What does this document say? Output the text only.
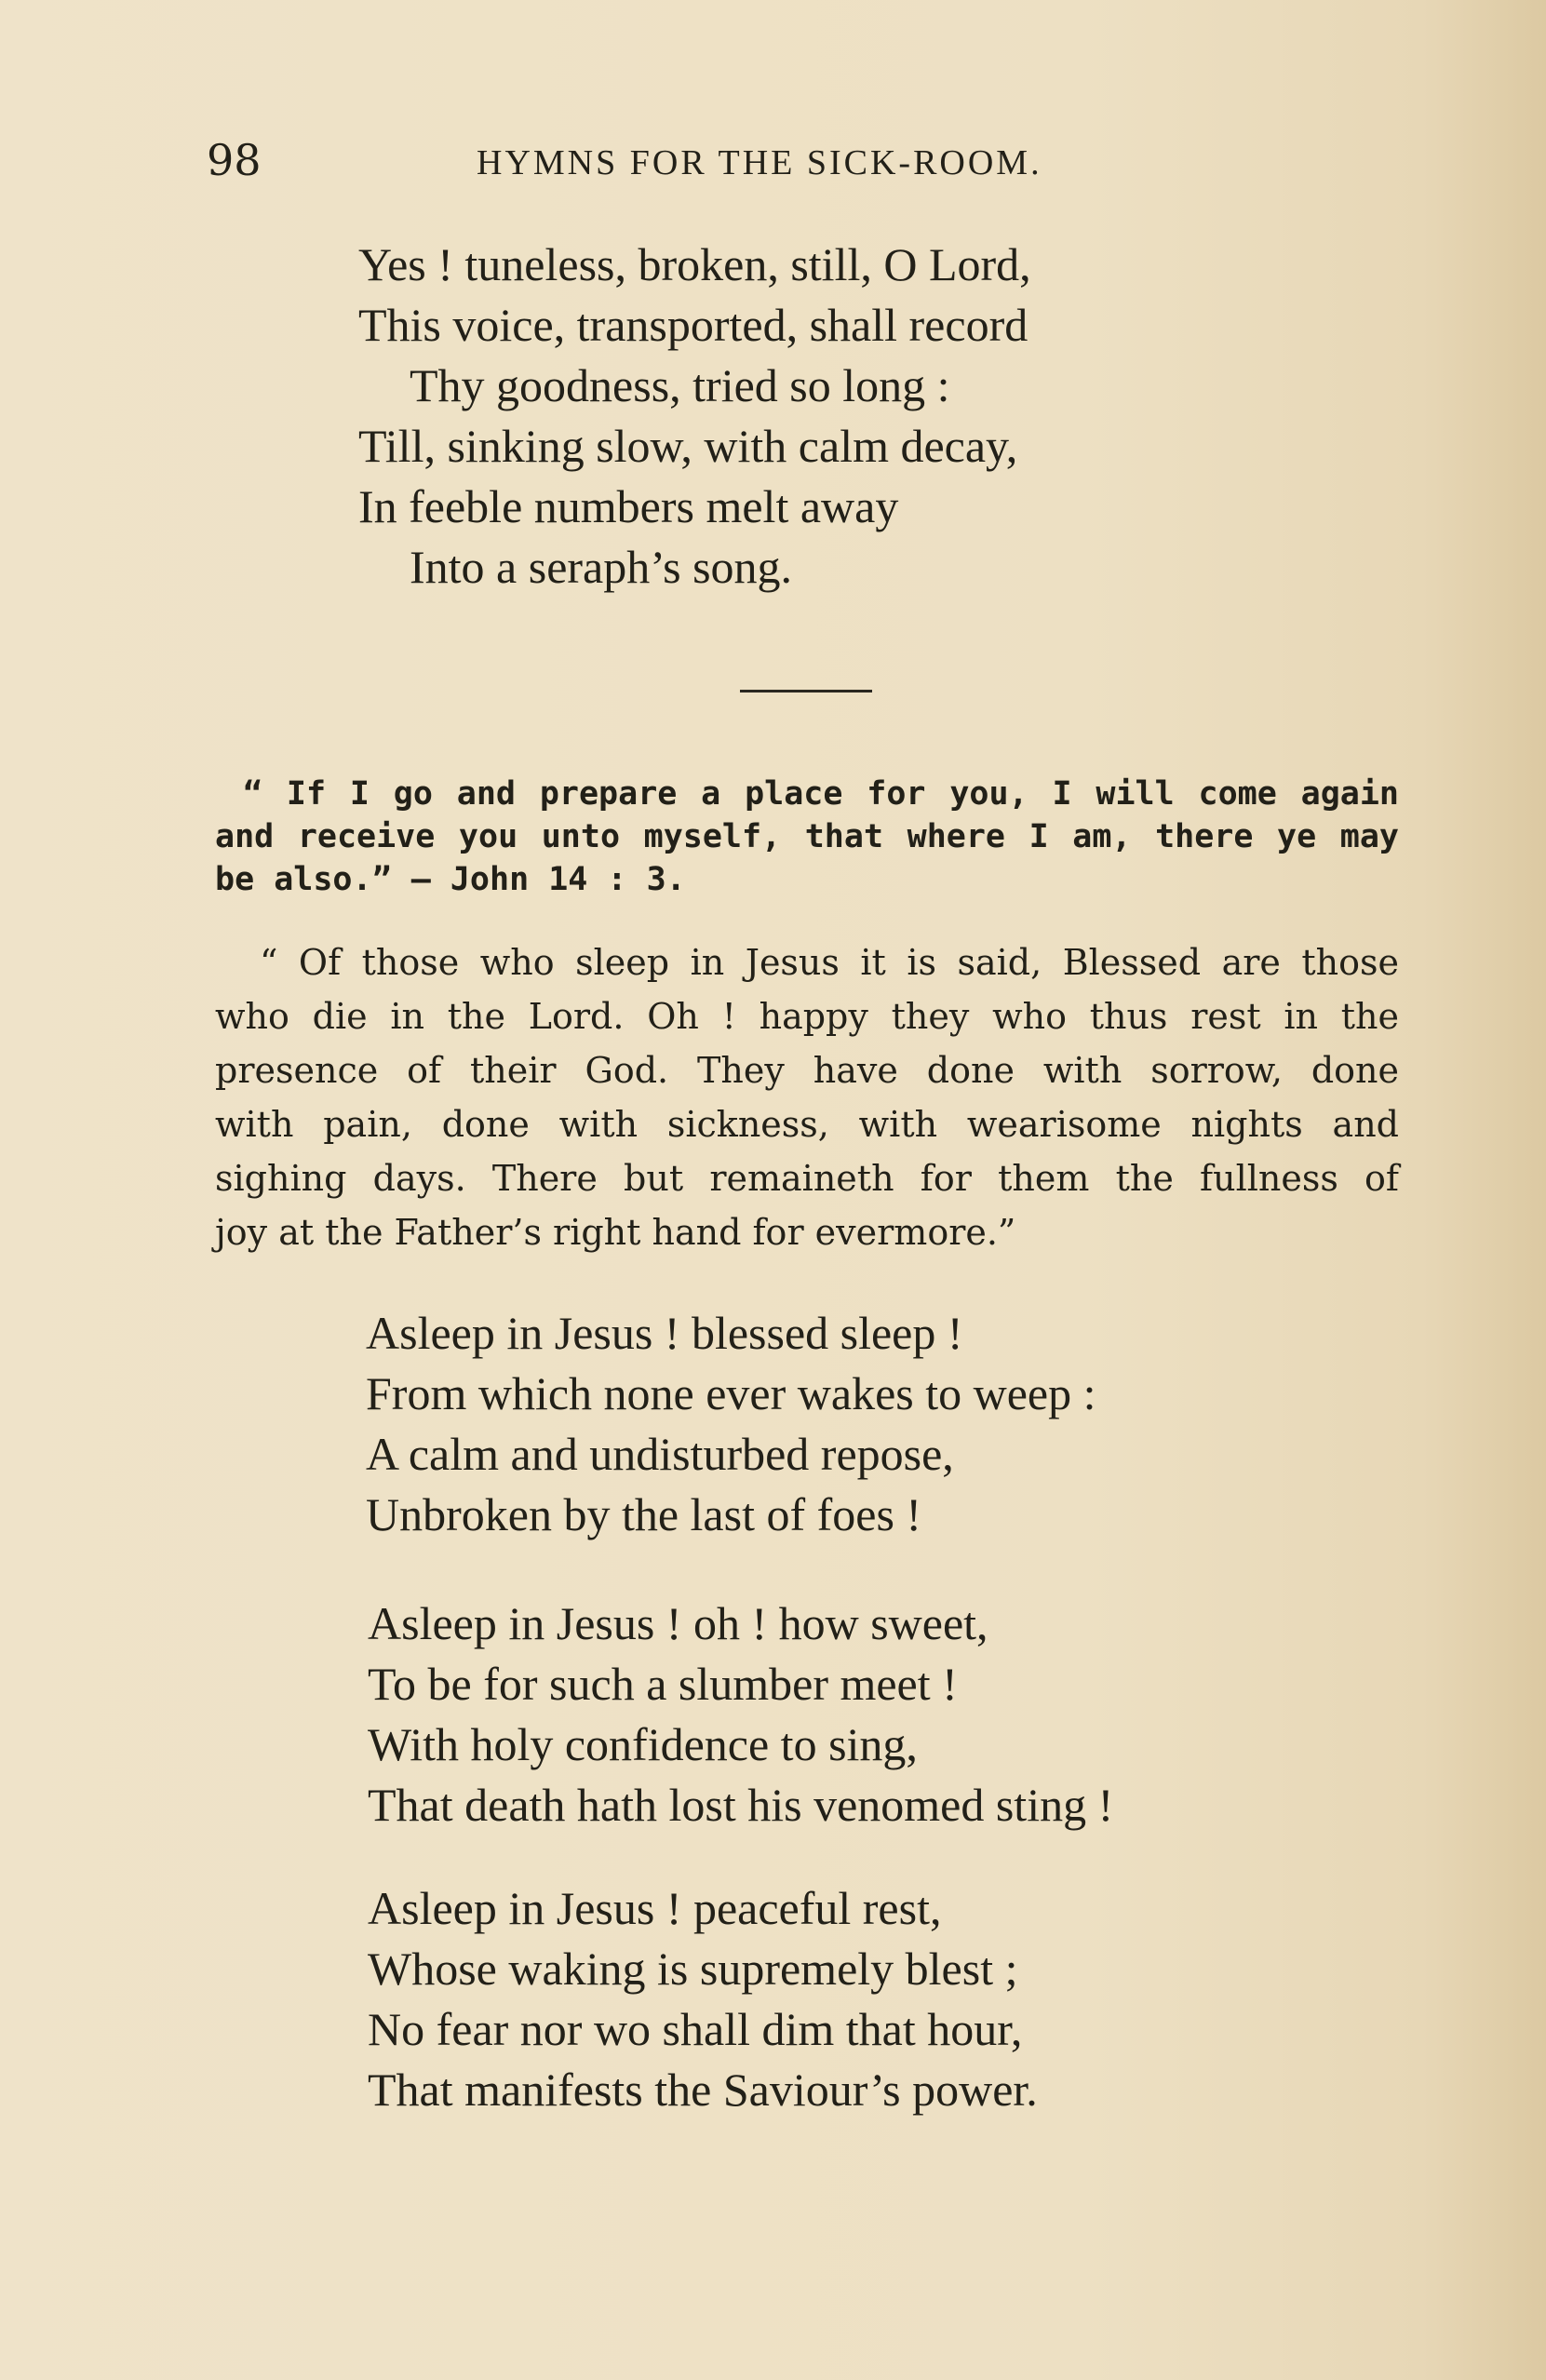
98	HYMNS FOR THE SICK-ROOM.
Yes ! tuneless, broken, still, O Lord,
This voice, transported, shall record
Thy goodness, tried so long :
Till, sinking slow, with calm decay,
In feeble numbers melt away
Into a seraph’s song.
“ If I go and prepare a place for you, I will come again
and receive you unto myself, that where I am, there ye may
be also.” — John 14 : 3.
“ Of those who sleep in Jesus it is said, Blessed are those
who die in the Lord. Oh ! happy they who thus rest in the
presence of their God. They have done with sorrow, done
with pain, done with sickness, with wearisome nights and
sighing days. There but remaineth for them the fullness of
joy at the Father’s right hand for evermore.”
Asleep in Jesus ! blessed sleep !
From which none ever wakes to weep :
A calm and undisturbed repose,
Unbroken by the last of foes !
Asleep in Jesus ! oh ! how sweet,
To be for such a slumber meet !
With holy confidence to sing,
That death hath lost his venomed sting !
Asleep in Jesus ! peaceful rest,
Whose waking is supremely blest ;
No fear nor wo shall dim that hour,
That manifests the Saviour’s power.
